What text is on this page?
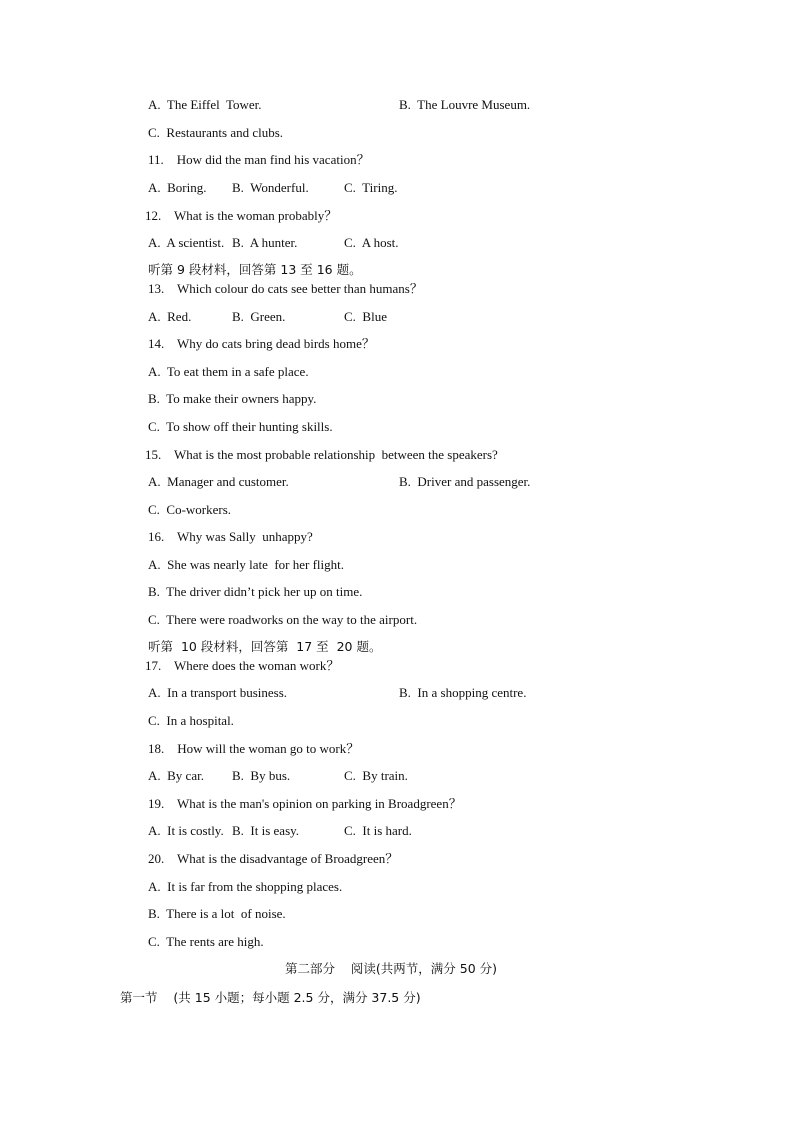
A.  The Eiffel  Tower.	B.  The Louvre Museum.
C.  Restaurants and clubs.
11.    How did the man find his vacation？
A.  Boring. B.  Wonderful.	C.  Tiring.
12.    What is the woman probably？
A.  A scientist. B.  A hunter.	C.  A host.
听第 9 段材料，回答第 13 至 16 题。
13.    Which colour do cats see better than humans？
A.  Red.	B.  Green.	C.  Blue
14.    Why do cats bring dead birds home？
A.  To eat them in a safe place.
B.  To make their owners happy.
C.  To show off their hunting skills.
15.    What is the most probable relationship  between the speakers?
A.  Manager and customer.	B.  Driver and passenger.
C.  Co-workers.
16.    Why was Sally  unhappy?
A.  She was nearly late  for her flight.
B.  The driver didn’t pick her up on time.
C.  There were roadworks on the way to the airport.
听第  10 段材料，回答第  17 至  20 题。
17.    Where does the woman work？
A.  In a transport business.	B.  In a shopping centre.
C.  In a hospital.
18.    How will the woman go to work？
A.  By car. B.  By bus.	C.  By train.
19.    What is the man's opinion on parking in Broadgreen？
A.  It is costly. B.  It is easy.	C.  It is hard.
20.    What is the disadvantage of Broadgreen？
A.  It is far from the shopping places.
B.  There is a lot  of noise.
C.  The rents are high.
第二部分    阅读(共两节，满分 50 分)
第一节    (共 15 小题；每小题 2.5 分，满分 37.5 分)
